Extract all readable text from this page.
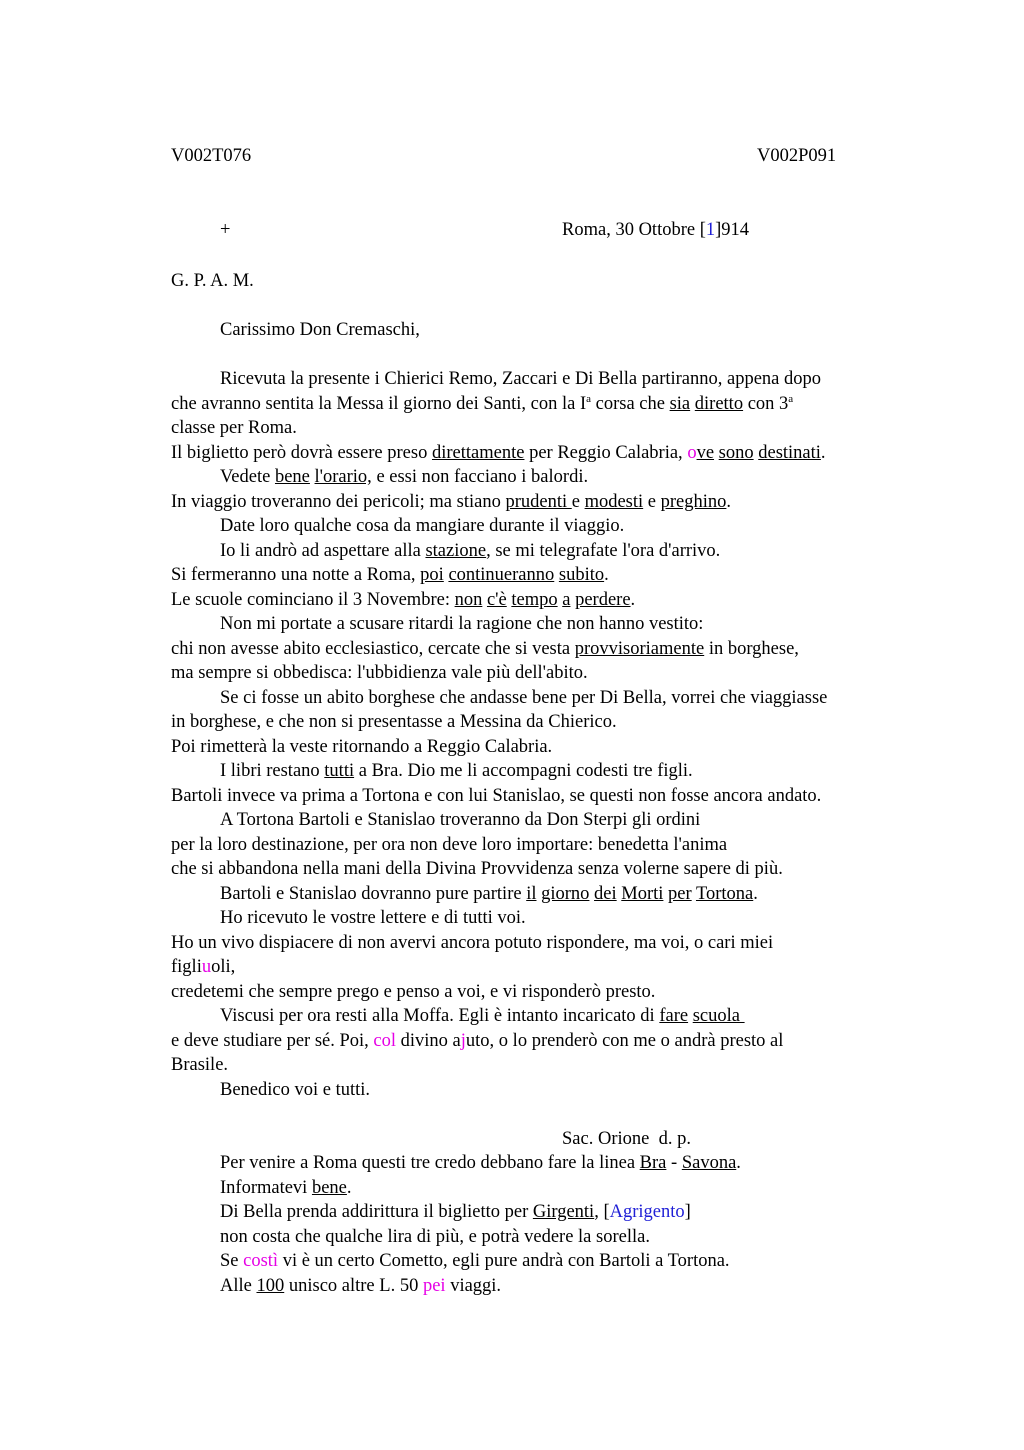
V002T076	V002P091
+	Roma, 30 Ottobre [1]914
G. P. A. M.
Carissimo Don Cremaschi,
Ricevuta la presente i Chierici Remo, Zaccari e Di Bella partiranno, appena dopo
che avranno sentita la Messa il giorno dei Santi, con la $I^a$ corsa che sia diretto con 3$^a$
classe per Roma.
Il biglietto però dovrà essere preso direttamente per Reggio Calabria, ove sono destinati.
Vedete bene l'orario, e essi non facciano i balordi.
In viaggio troveranno dei pericoli; ma stiano prudenti e modesti e preghino.
Date loro qualche cosa da mangiare durante il viaggio.
Io li andrò ad aspettare alla stazione, se mi telegrafate l'ora d'arrivo.
Si fermeranno una notte a Roma, poi continueranno subito.
Le scuole cominciano il 3 Novembre: non c'è tempo a perdere.
Non mi portate a scusare ritardi la ragione che non hanno vestito:
chi non avesse abito ecclesiastico, cercate che si vesta provvisoriamente in borghese,
ma sempre si obbedisca: l'ubbidienza vale più dell'abito.
Se ci fosse un abito borghese che andasse bene per Di Bella, vorrei che viaggiasse
in borghese, e che non si presentasse a Messina da Chierico.
Poi rimetterà la veste ritornando a Reggio Calabria.
I libri restano tutti a Bra. Dio me li accompagni codesti tre figli.
Bartoli invece va prima a Tortona e con lui Stanislao, se questi non fosse ancora andato.
A Tortona Bartoli e Stanislao troveranno da Don Sterpi gli ordini
per la loro destinazione, per ora non deve loro importare: benedetta l'anima
che si abbandona nella mani della Divina Provvidenza senza volerne sapere di più.
Bartoli e Stanislao dovranno pure partire il giorno dei Morti per Tortona.
Ho ricevuto le vostre lettere e di tutti voi.
Ho un vivo dispiacere di non avervi ancora potuto rispondere, ma voi, o cari miei
figliuoli,
credetemi che sempre prego e penso a voi, e vi risponderò presto.
Viscusi per ora resti alla Moffa. Egli è intanto incaricato di fare scuola
e deve studiare per sé. Poi, col divino ajuto, o lo prenderò con me o andrà presto al
Brasile.
Benedico voi e tutti.
Sac. Orione  d. p.
Per venire a Roma questi tre credo debbano fare la linea Bra - Savona.
Informatevi bene.
Di Bella prenda addirittura il biglietto per Girgenti, [Agrigento]
non costa che qualche lira di più, e potrà vedere la sorella.
Se costì vi è un certo Cometto, egli pure andrà con Bartoli a Tortona.
Alle 100 unisco altre L. 50 pei viaggi.
